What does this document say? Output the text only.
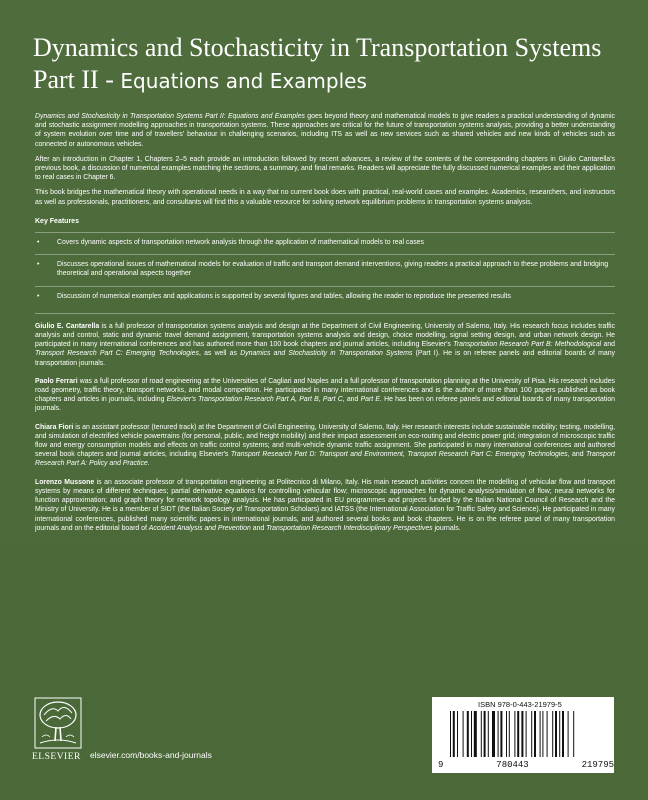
Dynamics and Stochasticity in Transportation Systems Part II - Equations and Examples

Dynamics and Stochasticity in Transportation Systems Part II: Equations and Examples goes beyond theory and mathematical models to give readers a practical understanding of dynamic and stochastic assignment modelling approaches in transportation systems. These approaches are critical for the future of transportation systems analysis, providing a better understanding of system evolution over time and of travellers' behaviour in challenging scenarios, including ITS as well as new services such as shared vehicles and new kinds of vehicles such as connected or autonomous vehicles.

After an introduction in Chapter 1, Chapters 2–5 each provide an introduction followed by recent advances, a review of the contents of the corresponding chapters in Giulio Cantarella's previous book, a discussion of numerical examples matching the sections, a summary, and final remarks. Readers will appreciate the fully discussed numerical examples and their application to real cases in Chapter 6.

This book bridges the mathematical theory with operational needs in a way that no current book does with practical, real-world cases and examples. Academics, researchers, and instructors as well as professionals, practitioners, and consultants will find this a valuable resource for solving network equilibrium problems in transportation systems analysis.

Key Features
•	Covers dynamic aspects of transportation network analysis through the application of mathematical models to real cases
•	Discusses operational issues of mathematical models for evaluation of traffic and transport demand interventions, giving readers a practical approach to these problems and bridging theoretical and operational aspects together
•	Discussion of numerical examples and applications is supported by several figures and tables, allowing the reader to reproduce the presented results

Giulio E. Cantarella is a full professor of transportation systems analysis and design at the Department of Civil Engineering, University of Salerno, Italy. His research focus includes traffic analysis and control, static and dynamic travel demand assignment, transportation systems analysis and design, choice modelling, signal setting design, and urban network design. He participated in many international conferences and has authored more than 100 book chapters and journal articles, including Elsevier's Transportation Research Part B: Methodological and Transport Research Part C: Emerging Technologies, as well as Dynamics and Stochasticity in Transportation Systems (Part I). He is on referee panels and editorial boards of many transportation journals.

Paolo Ferrari was a full professor of road engineering at the Universities of Cagliari and Naples and a full professor of transportation planning at the University of Pisa. His research includes road geometry, traffic theory, transport networks, and modal competition. He participated in many international conferences and is the author of more than 100 papers published as book chapters and articles in journals, including Elsevier's Transportation Research Part A, Part B, Part C, and Part E. He has been on referee panels and editorial boards of many transportation journals.

Chiara Fiori is an assistant professor (tenured track) at the Department of Civil Engineering, University of Salerno, Italy. Her research interests include sustainable mobility; testing, modelling, and simulation of electrified vehicle powertrains (for personal, public, and freight mobility) and their impact assessment on eco-routing and electric power grid; integration of microscopic traffic flow and energy consumption models and effects on traffic control systems; and multi-vehicle dynamic traffic assignment. She participated in many international conferences and authored several book chapters and journal articles, including Elsevier's Transport Research Part D: Transport and Environment, Transport Research Part C: Emerging Technologies, and Transport Research Part A: Policy and Practice.

Lorenzo Mussone is an associate professor of transportation engineering at Politecnico di Milano, Italy. His main research activities concern the modelling of vehicular flow and transport systems by means of different techniques; partial derivative equations for controlling vehicular flow; microscopic approaches for dynamic analysis/simulation of flow; neural networks for function approximation; and graph theory for network topology analysis. He has participated in EU programmes and projects funded by the Italian National Council of Research and the Ministry of University. He is a member of SIDT (the Italian Society of Transportation Scholars) and IATSS (the International Association for Traffic Safety and Science). He participated in many international conferences, published many scientific papers in international journals, and authored several books and book chapters. He is on the referee panel of many transportation journals and on the editorial board of Accident Analysis and Prevention and Transportation Research Interdisciplinary Perspectives journals.

ELSEVIER elsevier.com/books-and-journals
ISBN 978-0-443-21979-5
9	780443	219795
